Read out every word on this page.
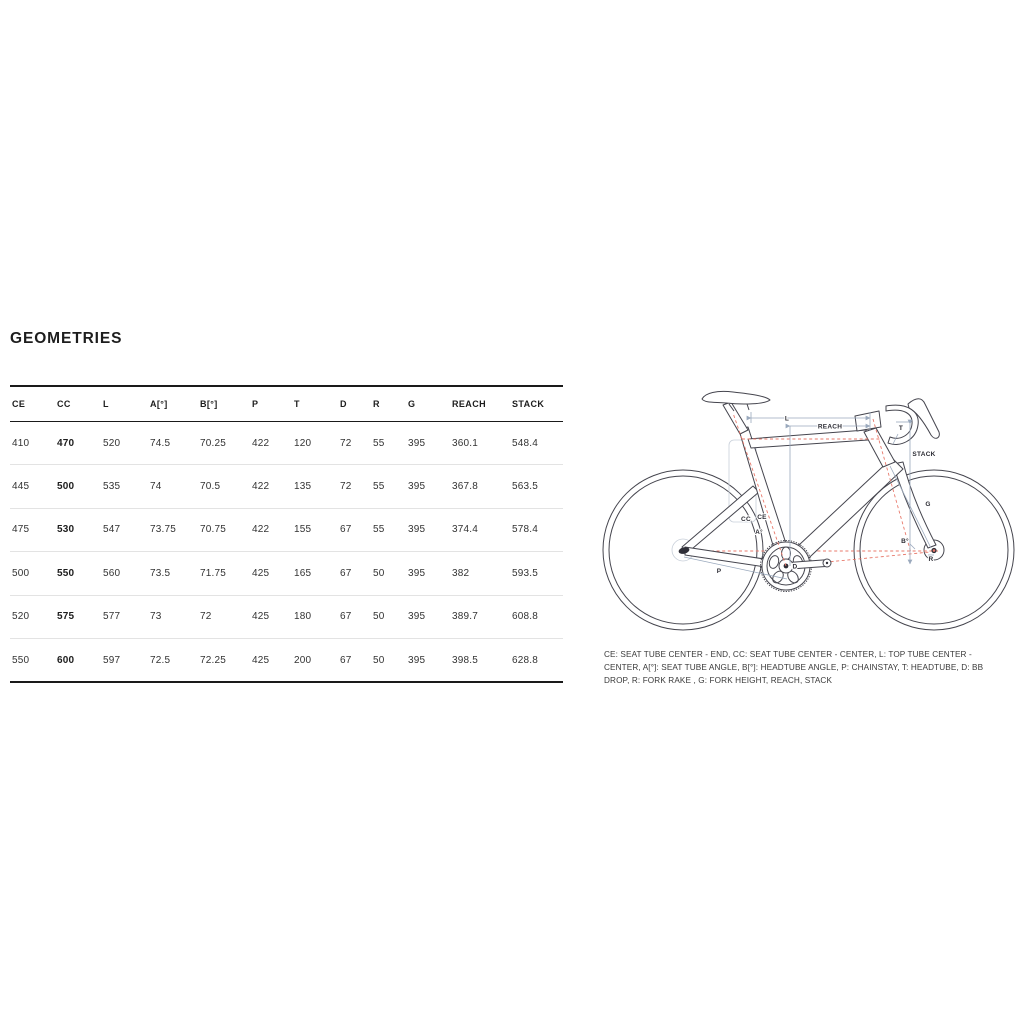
GEOMETRIES
CE	CC	L	A[°]	B[°]	P	T	D	R	G	REACH	STACK
410	470	520	74.5	70.25	422	120	72	55	395	360.1	548.4
445	500	535	74	70.5	422	135	72	55	395	367.8	563.5
475	530	547	73.75	70.75	422	155	67	55	395	374.4	578.4
500	550	560	73.5	71.75	425	165	67	50	395	382	593.5
520	575	577	73	72	425	180	67	50	395	389.7	608.8
550	600	597	72.5	72.25	425	200	67	50	395	398.5	628.8
L
REACH
STACK
T
G
CC CE
A°
B°
P
D
R
CE: SEAT TUBE CENTER - END, CC: SEAT TUBE CENTER - CENTER, L: TOP TUBE CENTER - CENTER, A[°]: SEAT TUBE ANGLE, B[°]: HEADTUBE ANGLE, P: CHAINSTAY, T: HEADTUBE, D: BB DROP, R: FORK RAKE , G: FORK HEIGHT, REACH, STACK
